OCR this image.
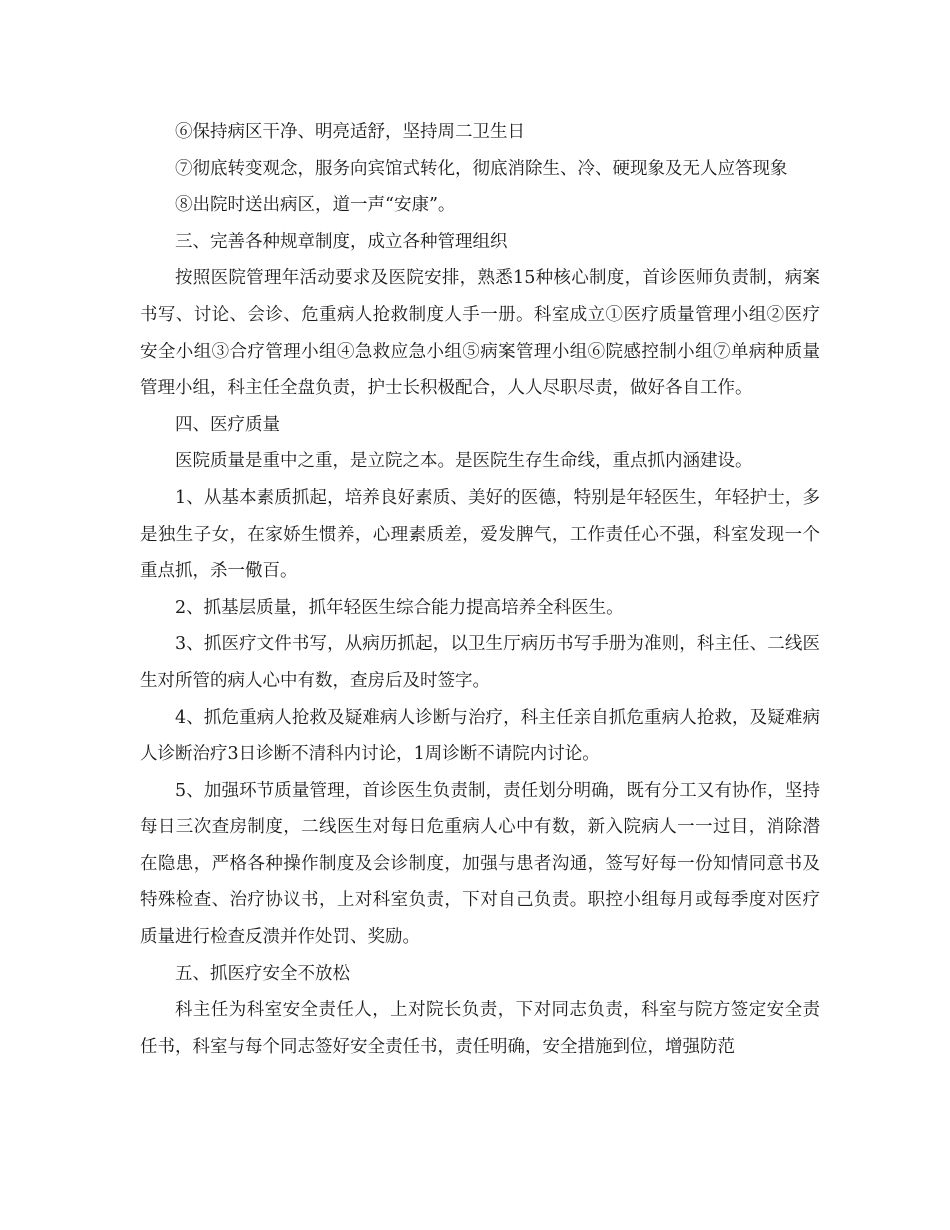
⑥保持病区干净、明亮适舒，坚持周二卫生日

⑦彻底转变观念，服务向宾馆式转化，彻底消除生、冷、硬现象及无人应答现象

⑧出院时送出病区，道一声“安康”。

三、完善各种规章制度，成立各种管理组织

按照医院管理年活动要求及医院安排，熟悉15种核心制度，首诊医师负责制，病案书写、讨论、会诊、危重病人抢救制度人手一册。科室成立①医疗质量管理小组②医疗安全小组③合疗管理小组④急救应急小组⑤病案管理小组⑥院感控制小组⑦单病种质量管理小组，科主任全盘负责，护士长积极配合，人人尽职尽责，做好各自工作。

四、医疗质量

医院质量是重中之重，是立院之本。是医院生存生命线，重点抓内涵建设。

1、从基本素质抓起，培养良好素质、美好的医德，特别是年轻医生，年轻护士，多是独生子女，在家娇生惯养，心理素质差，爱发脾气，工作责任心不强，科室发现一个重点抓，杀一儆百。

2、抓基层质量，抓年轻医生综合能力提高培养全科医生。

3、抓医疗文件书写，从病历抓起，以卫生厅病历书写手册为准则，科主任、二线医生对所管的病人心中有数，查房后及时签字。

4、抓危重病人抢救及疑难病人诊断与治疗，科主任亲自抓危重病人抢救，及疑难病人诊断治疗3日诊断不清科内讨论，1周诊断不请院内讨论。

5、加强环节质量管理，首诊医生负责制，责任划分明确，既有分工又有协作，坚持每日三次查房制度，二线医生对每日危重病人心中有数，新入院病人一一过目，消除潜在隐患，严格各种操作制度及会诊制度，加强与患者沟通，签写好每一份知情同意书及特殊检查、治疗协议书，上对科室负责，下对自己负责。职控小组每月或每季度对医疗质量进行检查反溃并作处罚、奖励。

五、抓医疗安全不放松

科主任为科室安全责任人，上对院长负责，下对同志负责，科室与院方签定安全责任书，科室与每个同志签好安全责任书，责任明确，安全措施到位，增强防范
